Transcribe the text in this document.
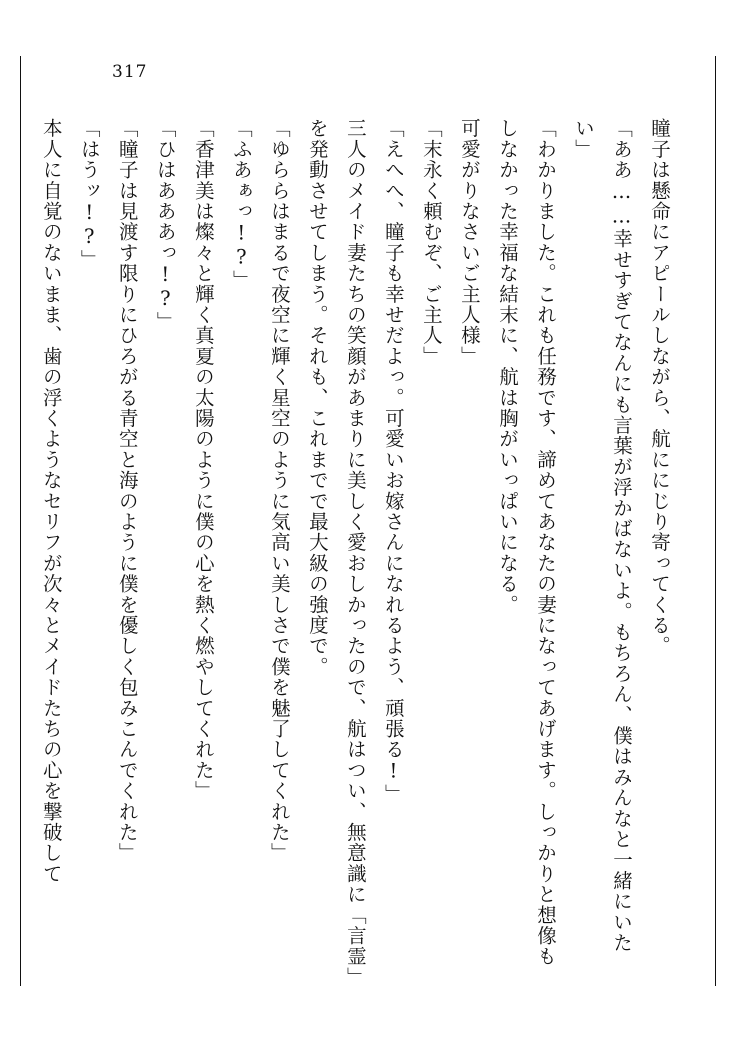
317

瞳子は懸命にアピールしながら、航ににじり寄ってくる。

「ああ……幸せすぎてなんにも言葉が浮かばないよ。もちろん、僕はみんなと一緒にいたい」

「わかりました。これも任務です、諦めてあなたの妻になってあげます。しっかりと想像もしなかった幸福な結末に、航は胸がいっぱいになる。

可愛がりなさいご主人様」

「末永く頼むぞ、ご主人」

「えへへ、瞳子も幸せだよっ。可愛いお嫁さんになれるよう、頑張る!」

三人のメイド妻たちの笑顔があまりに美しく愛おしかったので、航はつい、無意識に「言霊」を発動させてしまう。それも、これまでで最大級の強度で。

「ゆららはまるで夜空に輝く星空のように気高い美しさで僕を魅了してくれた」

「ふあぁっ!?」

「香津美は燦々と輝く真夏の太陽のように僕の心を熱く燃やしてくれた」

「ひはあああっ!?」

「瞳子は見渡す限りにひろがる青空と海のように僕を優しく包みこんでくれた」

「はうッ!?」

本人に自覚のないまま、歯の浮くようなセリフが次々とメイドたちの心を撃破して
